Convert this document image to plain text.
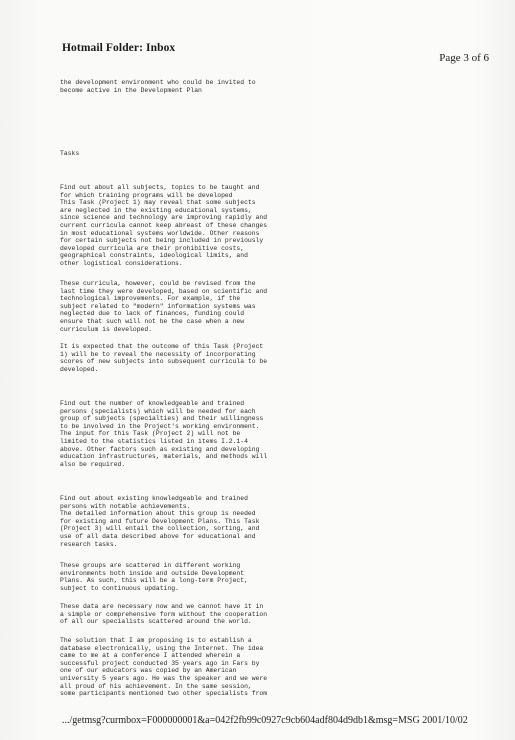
Hotmail Folder: Inbox
Page 3 of 6
the development environment who could be invited to
become active in the Development Plan
Tasks
Find out about all subjects, topics to be taught and
for which training programs will be developed
This Task (Project 1) may reveal that some subjects
are neglected in the existing educational systems,
since science and technology are improving rapidly and
current curricula cannot keep abreast of these changes
in most educational systems worldwide. Other reasons
for certain subjects not being included in previously
developed curricula are their prohibitive costs,
geographical constraints, ideological limits, and
other logistical considerations.
These curricula, however, could be revised from the
last time they were developed, based on scientific and
technological improvements. For example, if the
subject related to "modern" information systems was
neglected due to lack of finances, funding could
ensure that such will not be the case when a new
curriculum is developed.
It is expected that the outcome of this Task (Project
1) will be to reveal the necessity of incorporating
scores of new subjects into subsequent curricula to be
developed.
Find out the number of knowledgeable and trained
persons (specialists) which will be needed for each
group of subjects (specialties) and their willingness
to be involved in the Project's working environment.
The input for this Task (Project 2) will not be
limited to the statistics listed in items I.2.1-4
above. Other factors such as existing and developing
education infrastructures, materials, and methods will
also be required.
Find out about existing knowledgeable and trained
persons with notable achievements.
The detailed information about this group is needed
for existing and future Development Plans. This Task
(Project 3) will entail the collection, sorting, and
use of all data described above for educational and
research tasks.
These groups are scattered in different working
environments both inside and outside Development
Plans. As such, this will be a long-term Project,
subject to continuous updating.
These data are necessary now and we cannot have it in
a simple or comprehensive form without the cooperation
of all our specialists scattered around the world.
The solution that I am proposing is to establish a
database electronically, using the Internet. The idea
came to me at a conference I attended wherein a
successful project conducted 35 years ago in Fars by
one of our educators was copied by an American
university 5 years ago. He was the speaker and we were
all proud of his achievement. In the same session,
some participants mentioned two other specialists from
.../getmsg?curmbox=F000000001&a=042f2fb99c0927c9cb604adf804d9db1&msg=MSG 2001/10/02
